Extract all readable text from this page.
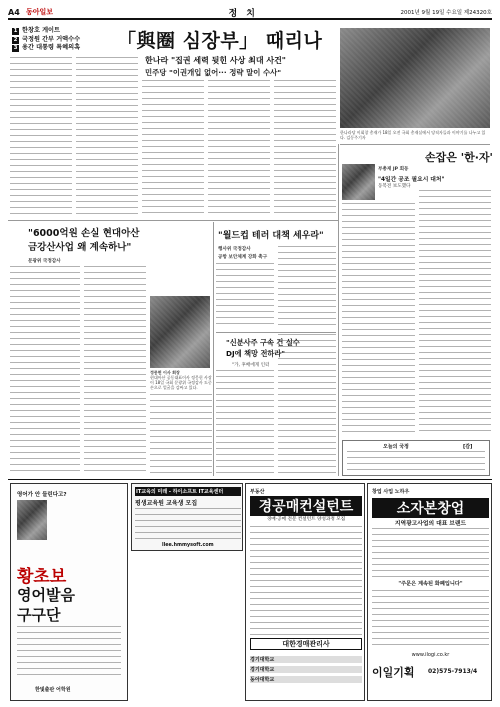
A4 동아일보	정 치	2001년 9월 19일 수요일 제24320호
1 한창호 게이트
2 국정원 간부 거액수수
3 용간 대통령 특혜의혹	「與圈 심장부」 때리나
한나라 "집권 세력 뒷힌 사상 최대 사건"
민주당 "이권개입 없어··· 정략 말이 수사"
한나라당 이회창 총재가 18일 오전 국회 총재실에서 당직자들과 이야기를 나누고 있다. 김동주기자
손잡은 '한·자'
부총재 JP 회동
"4일간 공조 필요시 대처"
동복전 보도했다
"6000억원 손실 현대아산
금강산사업 왜 계속하나"
문광위 국정감사
정몽헌 이사 회장
현대아산 공동대표이사 정몽헌 사장이 18일 국회 문광위 국정감사 도중 손으로 얼굴을 감싸고 있다.
"월드컵 테러 대책 세우라"
행사위 국정감사
공항 보안체계 강화 촉구
"신분사주 구속 건 실수
DJ에 책망 전하라"
"가, 후배에게 인터
오늘의 국정	[감]
영어가 안 들린다고?
황초보
영어발음
구구단
한빛출판 어학원
IT교육의 미래 - 하이소프트 IT교육센터
평생교육원 교육생 모집
llee.hmmysoft.com
부동산
경공매컨설턴트
경매·공매 전문 컨설턴트 양성과정 모집
대한경매관리사
경기대학교
경기대학교
동아대학교
창업 사업 노하우
소자본창업
지역광고사업의 대표 브랜드
"주문은 계속된 화폐입니다"
www.ilogi.co.kr
이일기획 02)575-7913/4
